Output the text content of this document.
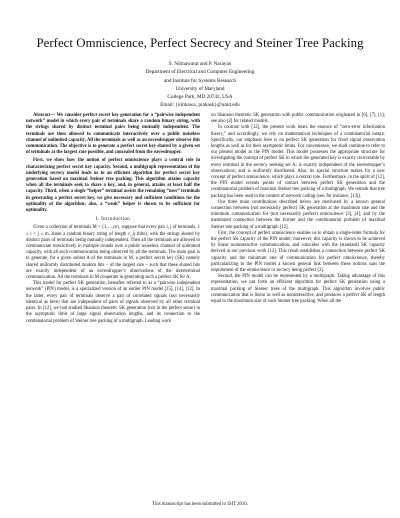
Perfect Omniscience, Perfect Secrecy and Steiner Tree Packing
S. Nitinawarat and P. Narayan
Department of Electrical and Computer Engineering
and Institute for Systems Research
University of Maryland
College Park, MD 20742, USA
Email: {nitinawa, prakash}@umd.edu

Abstract— We consider perfect secret key generation for a “pairwise independent network” model in which every pair of terminals share a random binary string, with the strings shared by distinct terminal pairs being mutually independent. The terminals are then allowed to communicate interactively over a public noiseless channel of unlimited capacity. All the terminals as well as an eavesdropper observe this communication. The objective is to generate a perfect secret key shared by a given set of terminals at the largest rate possible, and concealed from the eavesdropper.

First, we show how the notion of perfect omniscience plays a central role in characterizing perfect secret key capacity. Second, a multigraph representation of the underlying secrecy model leads us to an efficient algorithm for perfect secret key generation based on maximal Steiner tree packing. This algorithm attains capacity when all the terminals seek to share a key, and, in general, attains at least half the capacity. Third, when a single “helper” terminal assists the remaining “user” terminals in generating a perfect secret key, we give necessary and sufficient conditions for the optimality of the algorithm; also, a “weak” helper is shown to be sufficient for optimality.

I. Introduction

Given a collection of terminals M = {1,…,m}, suppose that every pair i, j of terminals, 1 ≤ i < j ≤ m, share a random binary string of length c_ij (bits), with the strings shared by distinct pairs of terminals being mutually independent. Then all the terminals are allowed to communicate interactively in multiple rounds over a public noiseless channel of unlimited capacity, with all such communication being observed by all the terminals. The main goal is to generate, for a given subset A of the terminals in M, a perfect secret key (SK) namely shared uniformly distributed random bits – of the largest size – such that these shared bits are exactly independent of an eavesdropper’s observations of the interterminal communication. All the terminals in M cooperate in generating such a perfect SK for A.

This model for perfect SK generation, hereafter referred to as a “pairwise independent network” (PIN) model, is a specialized version of an earlier PIN model [15], [14], [12]. In the latter, every pair of terminals observe a pair of correlated signals (not necessarily identical as here) that are independent of pairs of signals observed by all other terminal pairs. In [12], we had studied Shannon theoretic SK generation (not in the perfect sense) in the asymptotic limit of large signal observation lengths, and its connection to the combinatorial problem of Steiner tree packing of a multigraph. Leading work

on Shannon theoretic SK generation with public communication originated in [6], [7], [1]; see also [2] for related models.

In contrast with [12], the present work bears the essence of “zero-error information theory,” and accordingly, we rely on mathematical techniques of a combinatorial nature. Specifically, our emphasis here is on perfect SK generation for fixed signal observation lengths as well as for their asymptotic limits. For convenience, we shall continue to refer to our present model as the PIN model. This model possesses the appropriate structure for investigating the concept of perfect SK in which the generated key is exactly recoverable by every terminal in the secrecy seeking set A; is exactly independent of the eavesdropper’s observations; and is uniformly distributed. Also, its special structure makes for a new concept of perfect omniscience, which plays a central role. Furthermore, in the spirit of [12], the PIN model reveals points of contact between perfect SK generation and the combinatorial problem of maximal Steiner tree packing of a multigraph. We remark that tree packing has been used in the context of network coding (see, for instance, [13]).

Our three main contributions described below are motivated by a known general connection between (not necessarily perfect) SK generation at the maximum rate and the minimum communication for (not necessarily perfect) omniscience [3], [4], and by the mentioned connection between the former and the combinatorial problem of maximal Steiner tree packing of a multigraph [12].

First, the concept of perfect omniscience enables us to obtain a single-letter formula for the perfect SK capacity of the PIN model; moreover, this capacity is shown to be achieved by linear noninteractive communication, and coincides with the (standard) SK capacity derived in our previous work [12]. This result establishes a connection between perfect SK capacity and the minimum rate of communication for perfect omniscience, thereby particularizing to the PIN model a known general link between these notions sans the requirement of the omniscience or secrecy being perfect [3].

Second, the PIN model can be represented by a multigraph. Taking advantage of this representation, we put forth an efficient algorithm for perfect SK generation using a maximal packing of Steiner trees of the multigraph. This algorithm involves public communication that is linear as well as noninteractive, and produces a perfect SK of length equal to the maximum size of such Steiner tree packing. When all the

This manuscript has been submitted to ISIT 2010.
